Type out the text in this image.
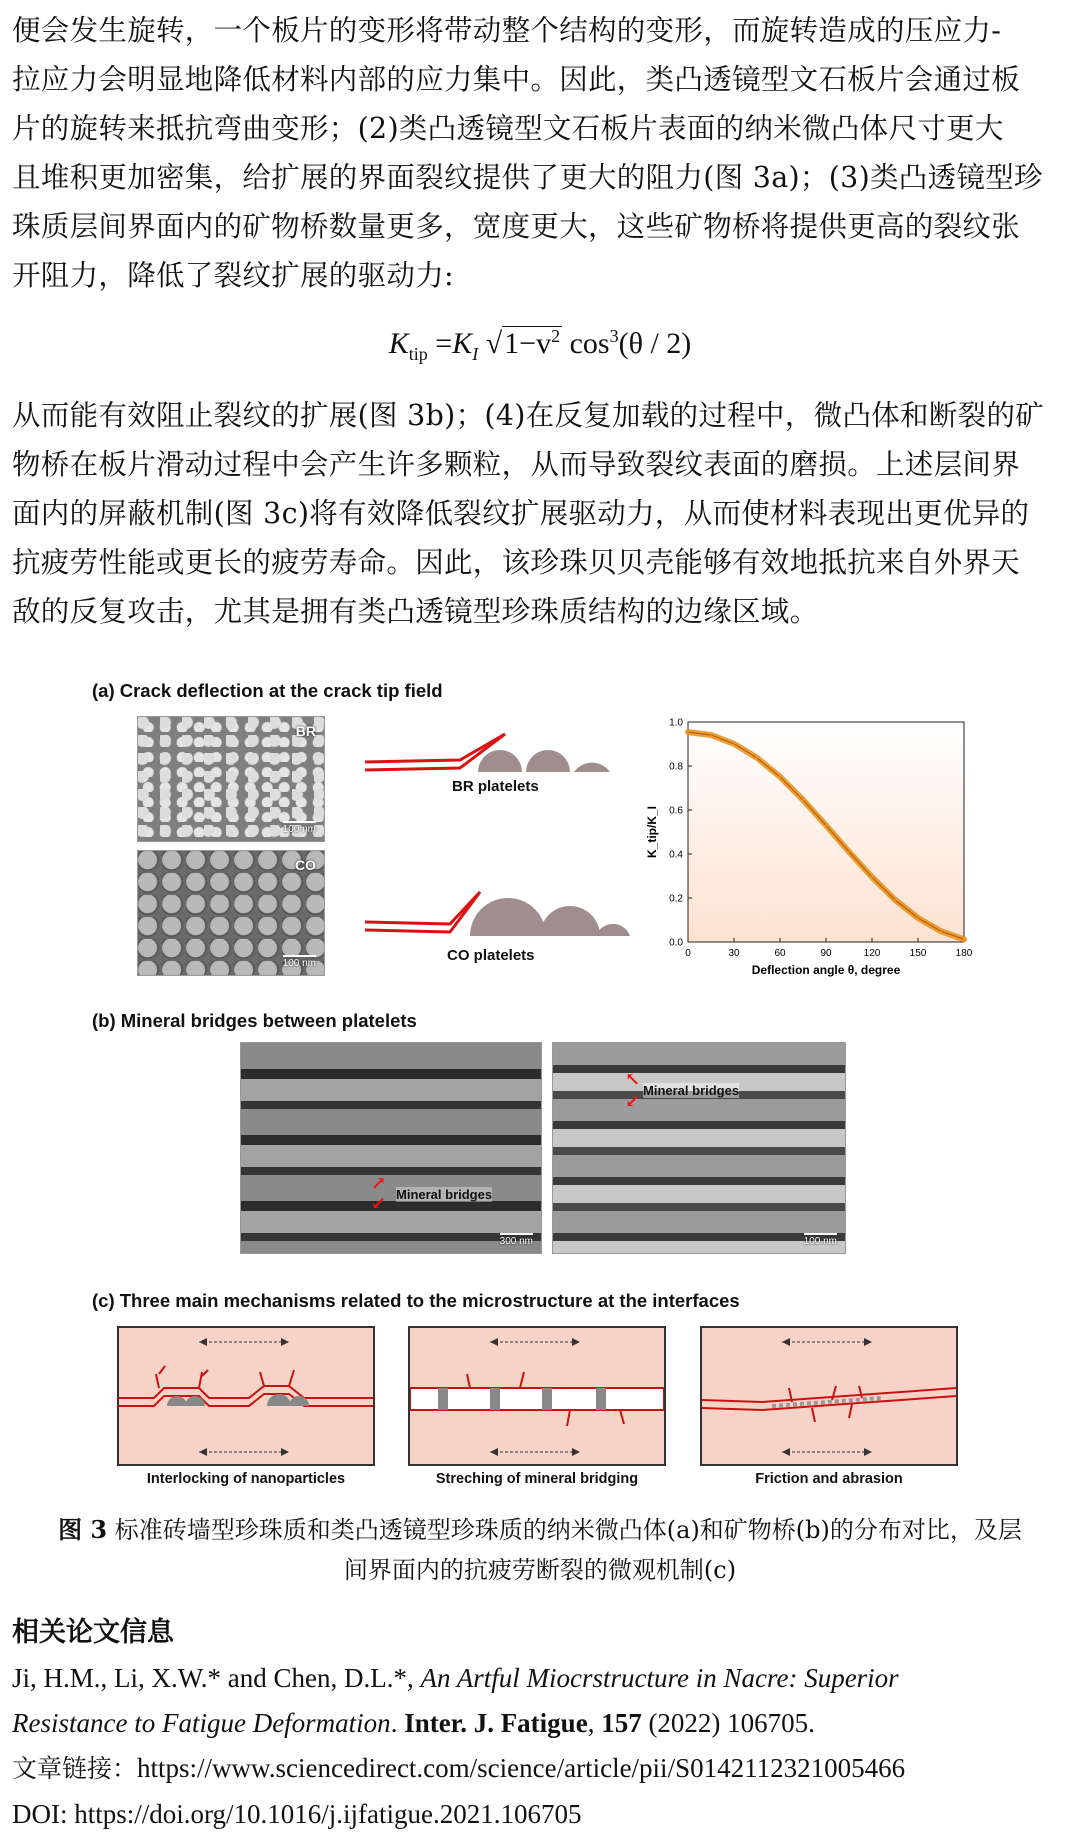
便会发生旋转，一个板片的变形将带动整个结构的变形，而旋转造成的压应力-

拉应力会明显地降低材料内部的应力集中。因此，类凸透镜型文石板片会通过板

片的旋转来抵抗弯曲变形；(2)类凸透镜型文石板片表面的纳米微凸体尺寸更大

且堆积更加密集，给扩展的界面裂纹提供了更大的阻力(图 3a)；(3)类凸透镜型珍

珠质层间界面内的矿物桥数量更多，宽度更大，这些矿物桥将提供更高的裂纹张

开阻力，降低了裂纹扩展的驱动力:

$K_{tip} =K_I$ $√1-v^2$ $\cos^3(\theta / 2)$

从而能有效阻止裂纹的扩展(图 3b)；(4)在反复加载的过程中，微凸体和断裂的矿

物桥在板片滑动过程中会产生许多颗粒，从而导致裂纹表面的磨损。上述层间界

面内的屏蔽机制(图 3c)将有效降低裂纹扩展驱动力，从而使材料表现出更优异的

抗疲劳性能或更长的疲劳寿命。因此，该珍珠贝贝壳能够有效地抵抗来自外界天

敌的反复攻击，尤其是拥有类凸透镜型珍珠质结构的边缘区域。

(a) Crack deflection at the crack tip field
BR
100 nm
CO
100 nm
BR platelets
CO platelets	0	30	60	90	120	150	180
0.0
0.2
0.4
0.6
0.8
1.0
Deflection angle θ, degree
K_tip/K_I
(b) Mineral bridges between platelets
Mineral bridges
↗
↙
300 nm
Mineral bridges
↖
↙
100 nm
(c) Three main mechanisms related to the microstructure at the interfaces
Interlocking of nanoparticles	Streching of mineral bridging	Friction and abrasion
图 3 标准砖墙型珍珠质和类凸透镜型珍珠质的纳米微凸体(a)和矿物桥(b)的分布对比，及层
间界面内的抗疲劳断裂的微观机制(c)
相关论文信息
Ji, H.M., Li, X.W.* and Chen, D.L.*, An Artful Miocrstructure in Nacre: Superior
Resistance to Fatigue Deformation. Inter. J. Fatigue, 157 (2022) 106705.
文章链接：https://www.sciencedirect.com/science/article/pii/S0142112321005466
DOI: https://doi.org/10.1016/j.ijfatigue.2021.106705
